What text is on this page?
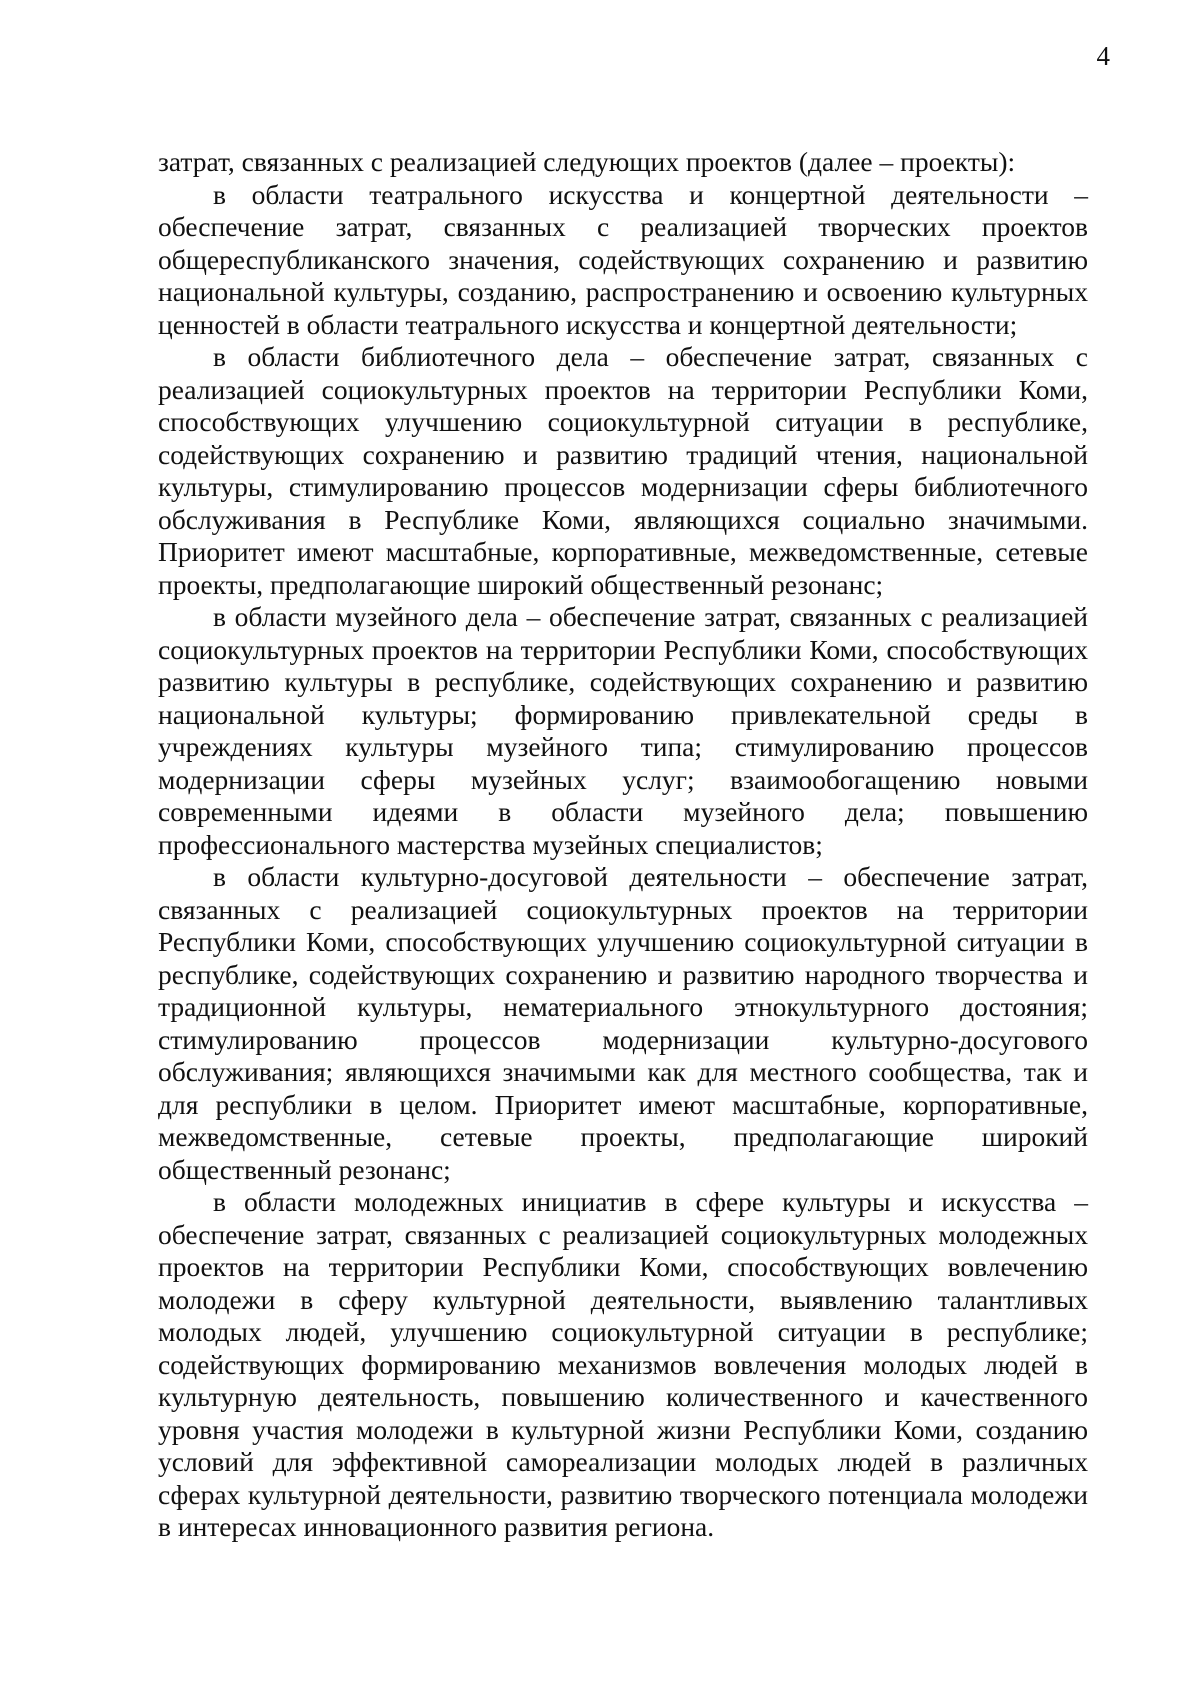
4

затрат, связанных с реализацией следующих проектов (далее – проекты):

в области театрального искусства и концертной деятельности – обеспечение затрат, связанных с реализацией творческих проектов общереспубликанского значения, содействующих сохранению и развитию национальной культуры, созданию, распространению и освоению культурных ценностей в области театрального искусства и концертной деятельности;

в области библиотечного дела – обеспечение затрат, связанных с реализацией социокультурных проектов на территории Республики Коми, способствующих улучшению социокультурной ситуации в республике, содействующих сохранению и развитию традиций чтения, национальной культуры, стимулированию процессов модернизации сферы библиотечного обслуживания в Республике Коми, являющихся социально значимыми. Приоритет имеют масштабные, корпоративные, межведомственные, сетевые проекты, предполагающие широкий общественный резонанс;

в области музейного дела – обеспечение затрат, связанных с реализацией социокультурных проектов на территории Республики Коми, способствующих развитию культуры в республике, содействующих сохранению и развитию национальной культуры; формированию привлекательной среды в учреждениях культуры музейного типа; стимулированию процессов модернизации сферы музейных услуг; взаимообогащению новыми современными идеями в области музейного дела; повышению профессионального мастерства музейных специалистов;

в области культурно-досуговой деятельности – обеспечение затрат, связанных с реализацией социокультурных проектов на территории Республики Коми, способствующих улучшению социокультурной ситуации в республике, содействующих сохранению и развитию народного творчества и традиционной культуры, нематериального этнокультурного достояния; стимулированию процессов модернизации культурно-досугового обслуживания; являющихся значимыми как для местного сообщества, так и для республики в целом. Приоритет имеют масштабные, корпоративные, межведомственные, сетевые проекты, предполагающие широкий общественный резонанс;

в области молодежных инициатив в сфере культуры и искусства – обеспечение затрат, связанных с реализацией социокультурных молодежных проектов на территории Республики Коми, способствующих вовлечению молодежи в сферу культурной деятельности, выявлению талантливых молодых людей, улучшению социокультурной ситуации в республике; содействующих формированию механизмов вовлечения молодых людей в культурную деятельность, повышению количественного и качественного уровня участия молодежи в культурной жизни Республики Коми, созданию условий для эффективной самореализации молодых людей в различных сферах культурной деятельности, развитию творческого потенциала молодежи в интересах инновационного развития региона.
